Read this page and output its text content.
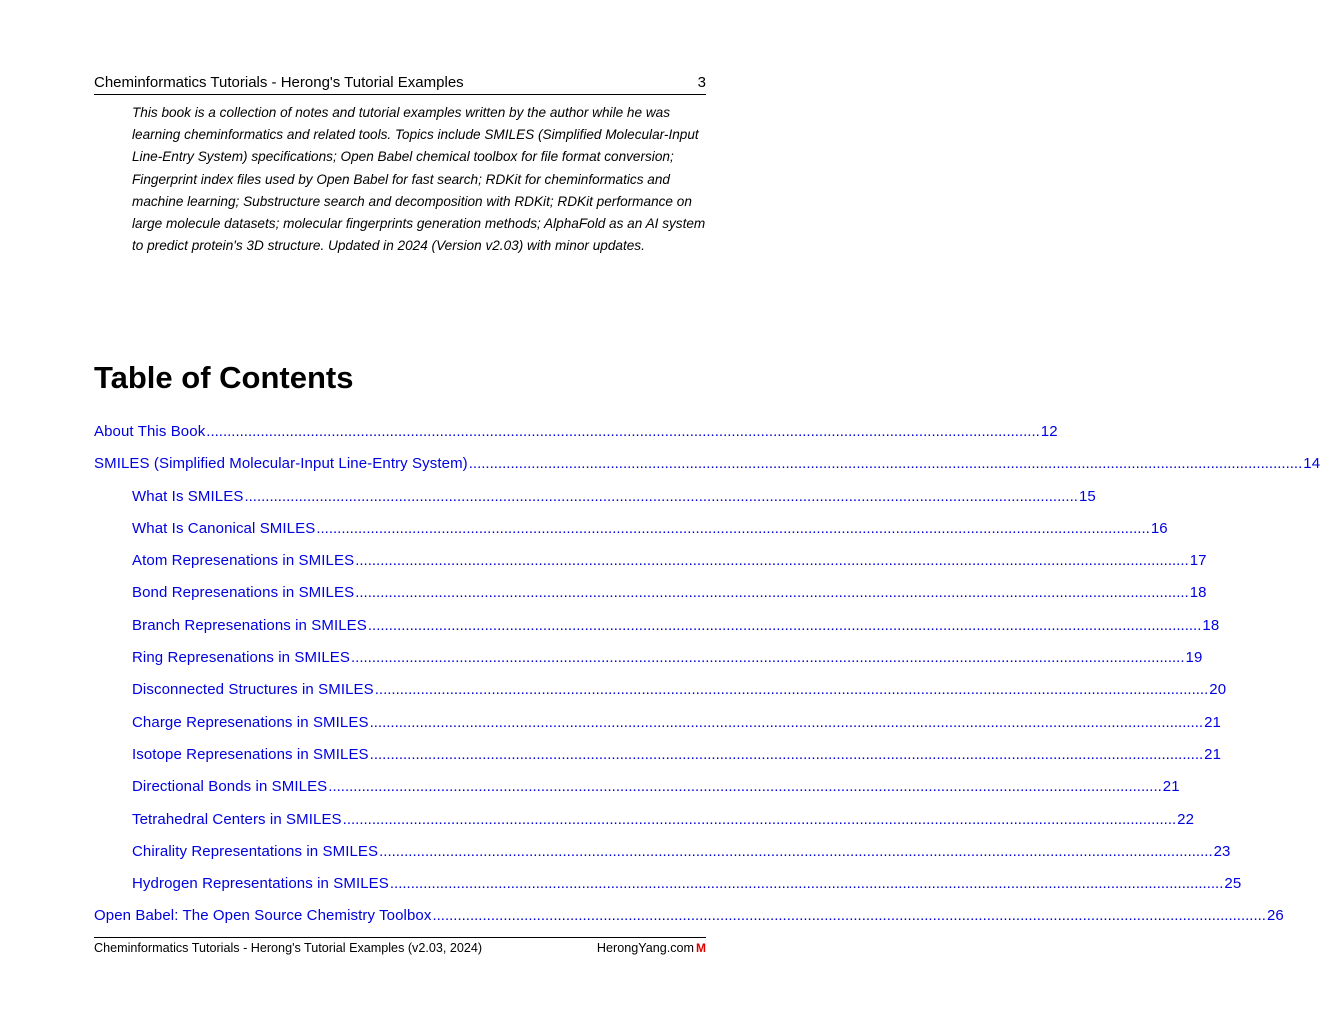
Cheminformatics Tutorials - Herong's Tutorial Examples	3

This book is a collection of notes and tutorial examples written by the author while he was learning cheminformatics and related tools. Topics include SMILES (Simplified Molecular-Input Line-Entry System) specifications; Open Babel chemical toolbox for file format conversion; Fingerprint index files used by Open Babel for fast search; RDKit for cheminformatics and machine learning; Substructure search and decomposition with RDKit; RDKit performance on large molecule datasets; molecular fingerprints generation methods; AlphaFold as an AI system to predict protein's 3D structure. Updated in 2024 (Version v2.03) with minor updates.

Table of Contents
About This Book ........................................................................................................................................................................................................ 12
SMILES (Simplified Molecular-Input Line-Entry System) ........................................................................................................................................................................................................ 14
What Is SMILES ........................................................................................................................................................................................................ 15
What Is Canonical SMILES ........................................................................................................................................................................................................ 16
Atom Represenations in SMILES ........................................................................................................................................................................................................ 17
Bond Represenations in SMILES ........................................................................................................................................................................................................ 18
Branch Represenations in SMILES ........................................................................................................................................................................................................ 18
Ring Represenations in SMILES ........................................................................................................................................................................................................ 19
Disconnected Structures in SMILES ........................................................................................................................................................................................................ 20
Charge Represenations in SMILES ........................................................................................................................................................................................................ 21
Isotope Represenations in SMILES ........................................................................................................................................................................................................ 21
Directional Bonds in SMILES ........................................................................................................................................................................................................ 21
Tetrahedral Centers in SMILES ........................................................................................................................................................................................................ 22
Chirality Representations in SMILES ........................................................................................................................................................................................................ 23
Hydrogen Representations in SMILES ........................................................................................................................................................................................................ 25
Open Babel: The Open Source Chemistry Toolbox ........................................................................................................................................................................................................ 26
Cheminformatics Tutorials - Herong's Tutorial Examples (v2.03, 2024)	HerongYang.com M
